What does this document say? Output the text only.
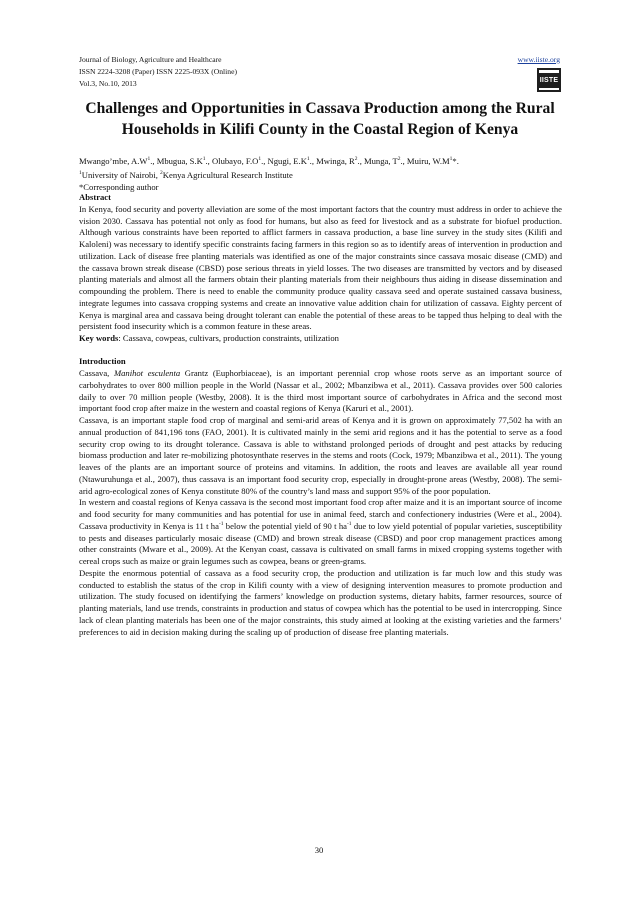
Journal of Biology, Agriculture and Healthcare
ISSN 2224-3208 (Paper) ISSN 2225-093X (Online)
Vol.3, No.10, 2013
www.iiste.org
IISTE
Challenges and Opportunities in Cassava Production among the Rural Households in Kilifi County in the Coastal Region of Kenya
Mwango’mbe, $A.W^1$., Mbugua, $S.K^1$., Olubayo, $F.O^1$., Ngugi, $E.K^1$., Mwinga, $R^2$., Munga, $T^2$., Muiru, $W.M^1*$.
$^1$University of Nairobi, $^2$Kenya Agricultural Research Institute
*Corresponding author

Abstract

In Kenya, food security and poverty alleviation are some of the most important factors that the country must address in order to achieve the vision 2030. Cassava has potential not only as food for humans, but also as feed for livestock and as a substrate for biofuel production. Although various constraints have been reported to afflict farmers in cassava production, a base line survey in the study sites (Kilifi and Kaloleni) was necessary to identify specific constraints facing farmers in this region so as to identify areas of intervention in production and utilization. Lack of disease free planting materials was identified as one of the major constraints since cassava mosaic disease (CMD) and the cassava brown streak disease (CBSD) pose serious threats in yield losses. The two diseases are transmitted by vectors and by diseased planting materials and almost all the farmers obtain their planting materials from their neighbours thus aiding in disease dissemination and compounding the problem. There is need to enable the community produce quality cassava seed and operate sustained cassava business, integrate legumes into cassava cropping systems and create an innovative value addition chain for utilization of cassava. Eighty percent of Kenya is marginal area and cassava being drought tolerant can enable the potential of these areas to be tapped thus helping to deal with the persistent food insecurity which is a common feature in these areas.

Key words: Cassava, cowpeas, cultivars, production constraints, utilization

Introduction

Cassava, Manihot esculenta Grantz (Euphorbiaceae), is an important perennial crop whose roots serve as an important source of carbohydrates to over 800 million people in the World (Nassar et al., 2002; Mbanzibwa et al., 2011). Cassava provides over 500 calories daily to over 70 million people (Westby, 2008). It is the third most important source of carbohydrates in Africa and the second most important food crop after maize in the western and coastal regions of Kenya (Karuri et al., 2001).

Cassava, is an important staple food crop of marginal and semi-arid areas of Kenya and it is grown on approximately 77,502 ha with an annual production of 841,196 tons (FAO, 2001). It is cultivated mainly in the semi arid regions and it has the potential to serve as a food security crop owing to its drought tolerance. Cassava is able to withstand prolonged periods of drought and pest attacks by reducing biomass production and later re-mobilizing photosynthate reserves in the stems and roots (Cock, 1979; Mbanzibwa et al., 2011). The young leaves of the plants are an important source of proteins and vitamins. In addition, the roots and leaves are available all year round (Ntawuruhunga et al., 2007), thus cassava is an important food security crop, especially in drought-prone areas (Westby, 2008). The semi-arid agro-ecological zones of Kenya constitute 80% of the country’s land mass and support 95% of the poor population.

In western and coastal regions of Kenya cassava is the second most important food crop after maize and it is an important source of income and food security for many communities and has potential for use in animal feed, starch and confectionery industries (Were et al., 2004). Cassava productivity in Kenya is 11 t $ha^{-1}$ below the potential yield of 90 t $ha^{-1}$ due to low yield potential of popular varieties, susceptibility to pests and diseases particularly mosaic disease (CMD) and brown streak disease (CBSD) and poor crop management practices among other constraints (Mware et al., 2009). At the Kenyan coast, cassava is cultivated on small farms in mixed cropping systems together with cereal crops such as maize or grain legumes such as cowpea, beans or green-grams.

Despite the enormous potential of cassava as a food security crop, the production and utilization is far much low and this study was conducted to establish the status of the crop in Kilifi county with a view of designing intervention measures to promote production and utilization. The study focused on identifying the farmers’ knowledge on production systems, dietary habits, farmer resources, source of planting materials, land use trends, constraints in production and status of cowpea which has the potential to be used in intercropping. Since lack of clean planting materials has been one of the major constraints, this study aimed at looking at the existing varieties and the farmers’ preferences to aid in decision making during the scaling up of production of disease free planting materials.

30
